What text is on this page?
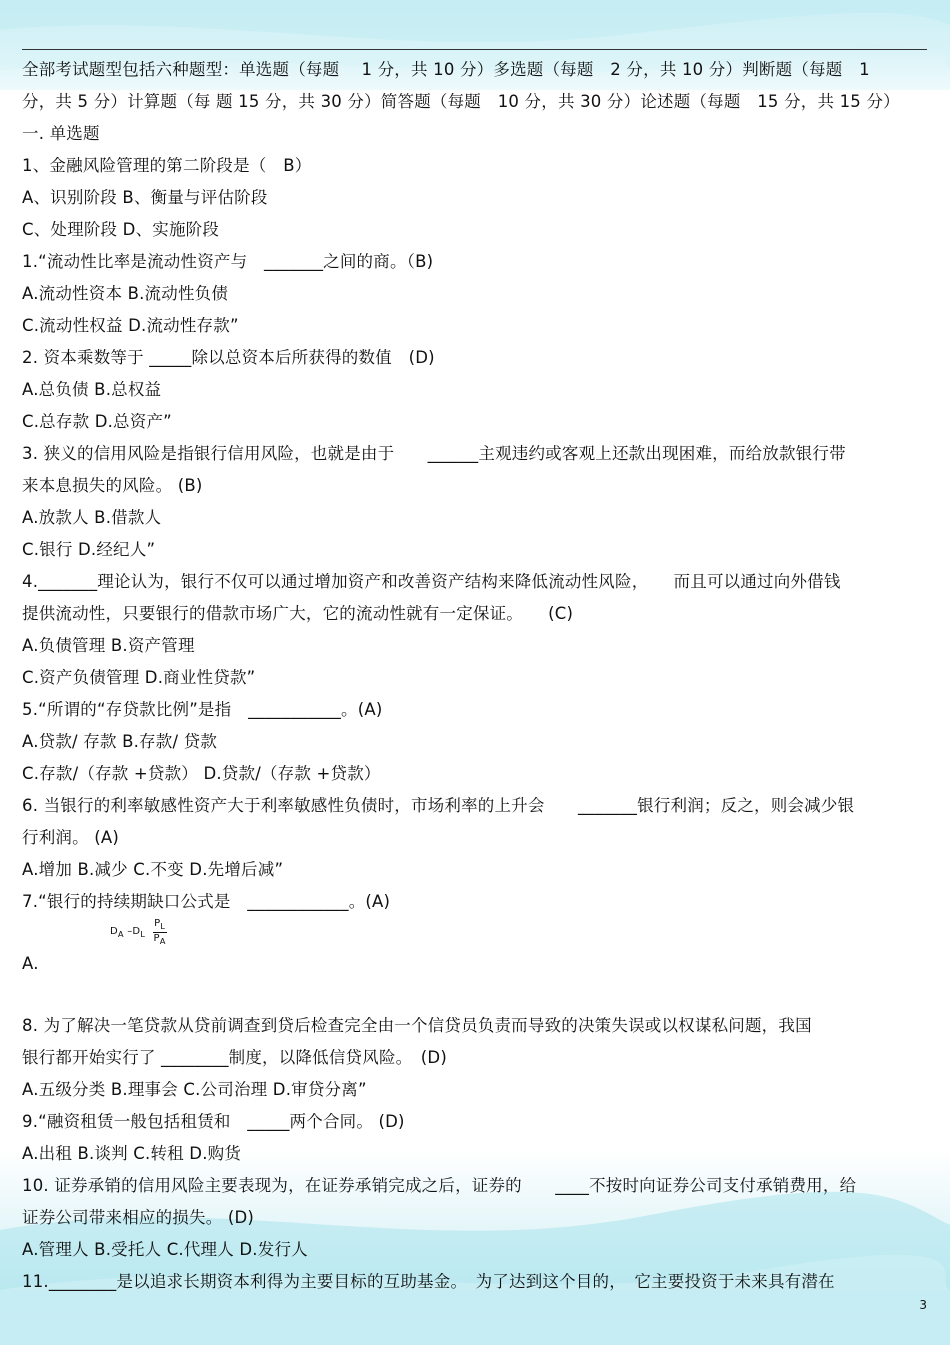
全部考试题型包括六种题型：单选题（每题　 1 分，共 10 分）多选题（每题　2 分，共 10 分）判断题（每题　1
分，共 5 分）计算题（每 题 15 分，共 30 分）简答题（每题　10 分，共 30 分）论述题（每题　15 分，共 15 分）
一. 单选题
1、金融风险管理的第二阶段是（　B）
A、识别阶段 B、衡量与评估阶段
C、处理阶段 D、实施阶段
1.“流动性比率是流动性资产与　_______之间的商。（B)
A.流动性资本 B.流动性负债
C.流动性权益 D.流动性存款”
2. 资本乘数等于 _____除以总资本后所获得的数值　(D)
A.总负债 B.总权益
C.总存款 D.总资产”
3. 狭义的信用风险是指银行信用风险，也就是由于　　______主观违约或客观上还款出现困难，而给放款银行带
来本息损失的风险。 (B)
A.放款人 B.借款人
C.银行 D.经纪人”
4._______理论认为，银行不仅可以通过增加资产和改善资产结构来降低流动性风险，　　而且可以通过向外借钱
提供流动性，只要银行的借款市场广大，它的流动性就有一定保证。　　(C)
A.负债管理 B.资产管理
C.资产负债管理 D.商业性贷款”
5.“所谓的“存贷款比例”是指　___________。(A)
A.贷款/ 存款 B.存款/ 贷款
C.存款/（存款 +贷款） D.贷款/（存款 +贷款）
6. 当银行的利率敏感性资产大于利率敏感性负债时，市场利率的上升会　　_______银行利润；反之，则会减少银
行利润。 (A)
A.增加 B.减少 C.不变 D.先增后减”
7.“银行的持续期缺口公式是　____________。(A)
$D_A$ $-D_L \frac{P_L}{P_A}$
A.
8. 为了解决一笔贷款从贷前调查到贷后检查完全由一个信贷员负责而导致的决策失误或以权谋私问题，我国
银行都开始实行了 ________制度，以降低信贷风险。　(D)
A.五级分类 B.理事会 C.公司治理 D.审贷分离”
9.“融资租赁一般包括租赁和　_____两个合同。 (D)
A.出租 B.谈判 C.转租 D.购货
10. 证券承销的信用风险主要表现为，在证券承销完成之后，证券的　　____不按时向证券公司支付承销费用，给
证券公司带来相应的损失。 (D)
A.管理人 B.受托人 C.代理人 D.发行人
11.________是以追求长期资本利得为主要目标的互助基金。　为了达到这个目的，　它主要投资于未来具有潜在
3
